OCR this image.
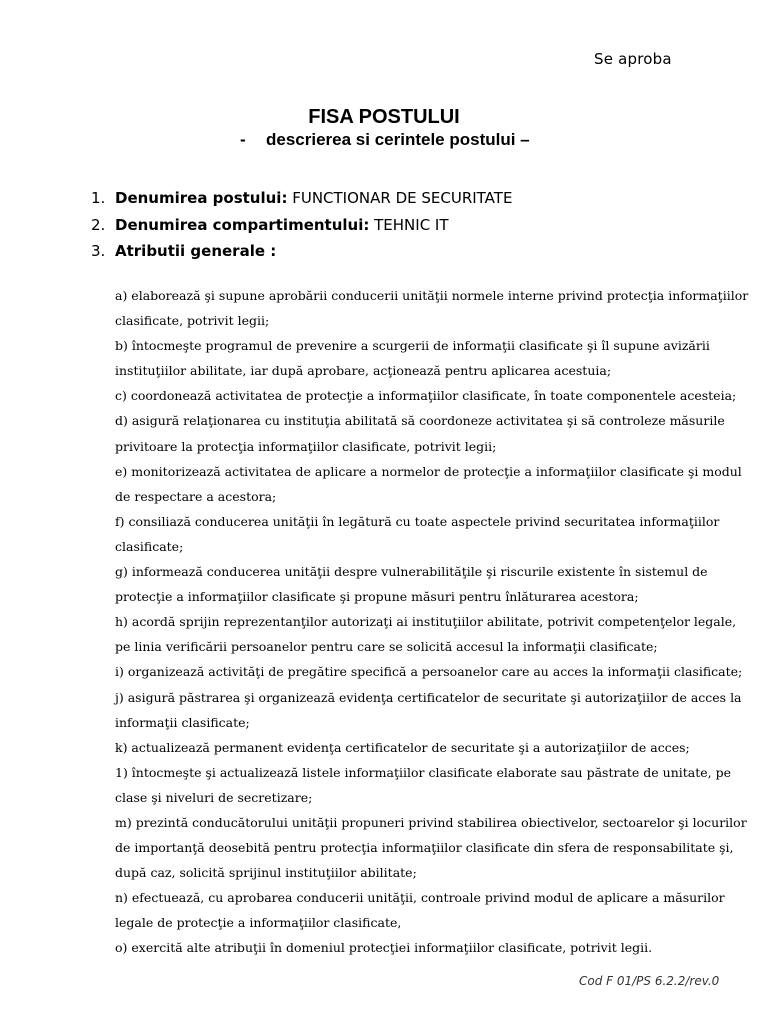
Se aproba
FISA POSTULUI
- descrierea si cerintele postului –
1. Denumirea postului: FUNCTIONAR DE SECURITATE
2. Denumirea compartimentului: TEHNIC IT
3. Atributii generale :

a) elaborează şi supune aprobării conducerii unităţii normele interne privind protecţia informaţiilor clasificate, potrivit legii;

b) întocmeşte programul de prevenire a scurgerii de informaţii clasificate şi îl supune avizării instituţiilor abilitate, iar după aprobare, acţionează pentru aplicarea acestuia;

c) coordonează activitatea de protecţie a informaţiilor clasificate, în toate componentele acesteia;

d) asigură relaţionarea cu instituţia abilitată să coordoneze activitatea şi să controleze măsurile privitoare la protecţia informaţiilor clasificate, potrivit legii;

e) monitorizează activitatea de aplicare a normelor de protecţie a informaţiilor clasificate şi modul de respectare a acestora;

f) consiliază conducerea unităţii în legătură cu toate aspectele privind securitatea informaţiilor clasificate;

g) informează conducerea unităţii despre vulnerabilităţile şi riscurile existente în sistemul de protecţie a informaţiilor clasificate şi propune măsuri pentru înlăturarea acestora;

h) acordă sprijin reprezentanţilor autorizaţi ai instituţiilor abilitate, potrivit competenţelor legale, pe linia verificării persoanelor pentru care se solicită accesul la informaţii clasificate;

i) organizează activităţi de pregătire specifică a persoanelor care au acces la informaţii clasificate;

j) asigură păstrarea şi organizează evidenţa certificatelor de securitate şi autorizaţiilor de acces la informaţii clasificate;

k) actualizează permanent evidenţa certificatelor de securitate şi a autorizaţiilor de acces;

1) întocmeşte şi actualizează listele informaţiilor clasificate elaborate sau păstrate de unitate, pe clase şi niveluri de secretizare;

m) prezintă conducătorului unităţii propuneri privind stabilirea obiectivelor, sectoarelor şi locurilor de importanţă deosebită pentru protecţia informaţiilor clasificate din sfera de responsabilitate şi, după caz, solicită sprijinul instituţiilor abilitate;

n) efectuează, cu aprobarea conducerii unităţii, controale privind modul de aplicare a măsurilor legale de protecţie a informaţiilor clasificate,

o) exercită alte atribuţii în domeniul protecţiei informaţiilor clasificate, potrivit legii.

Cod F 01/PS 6.2.2/rev.0
